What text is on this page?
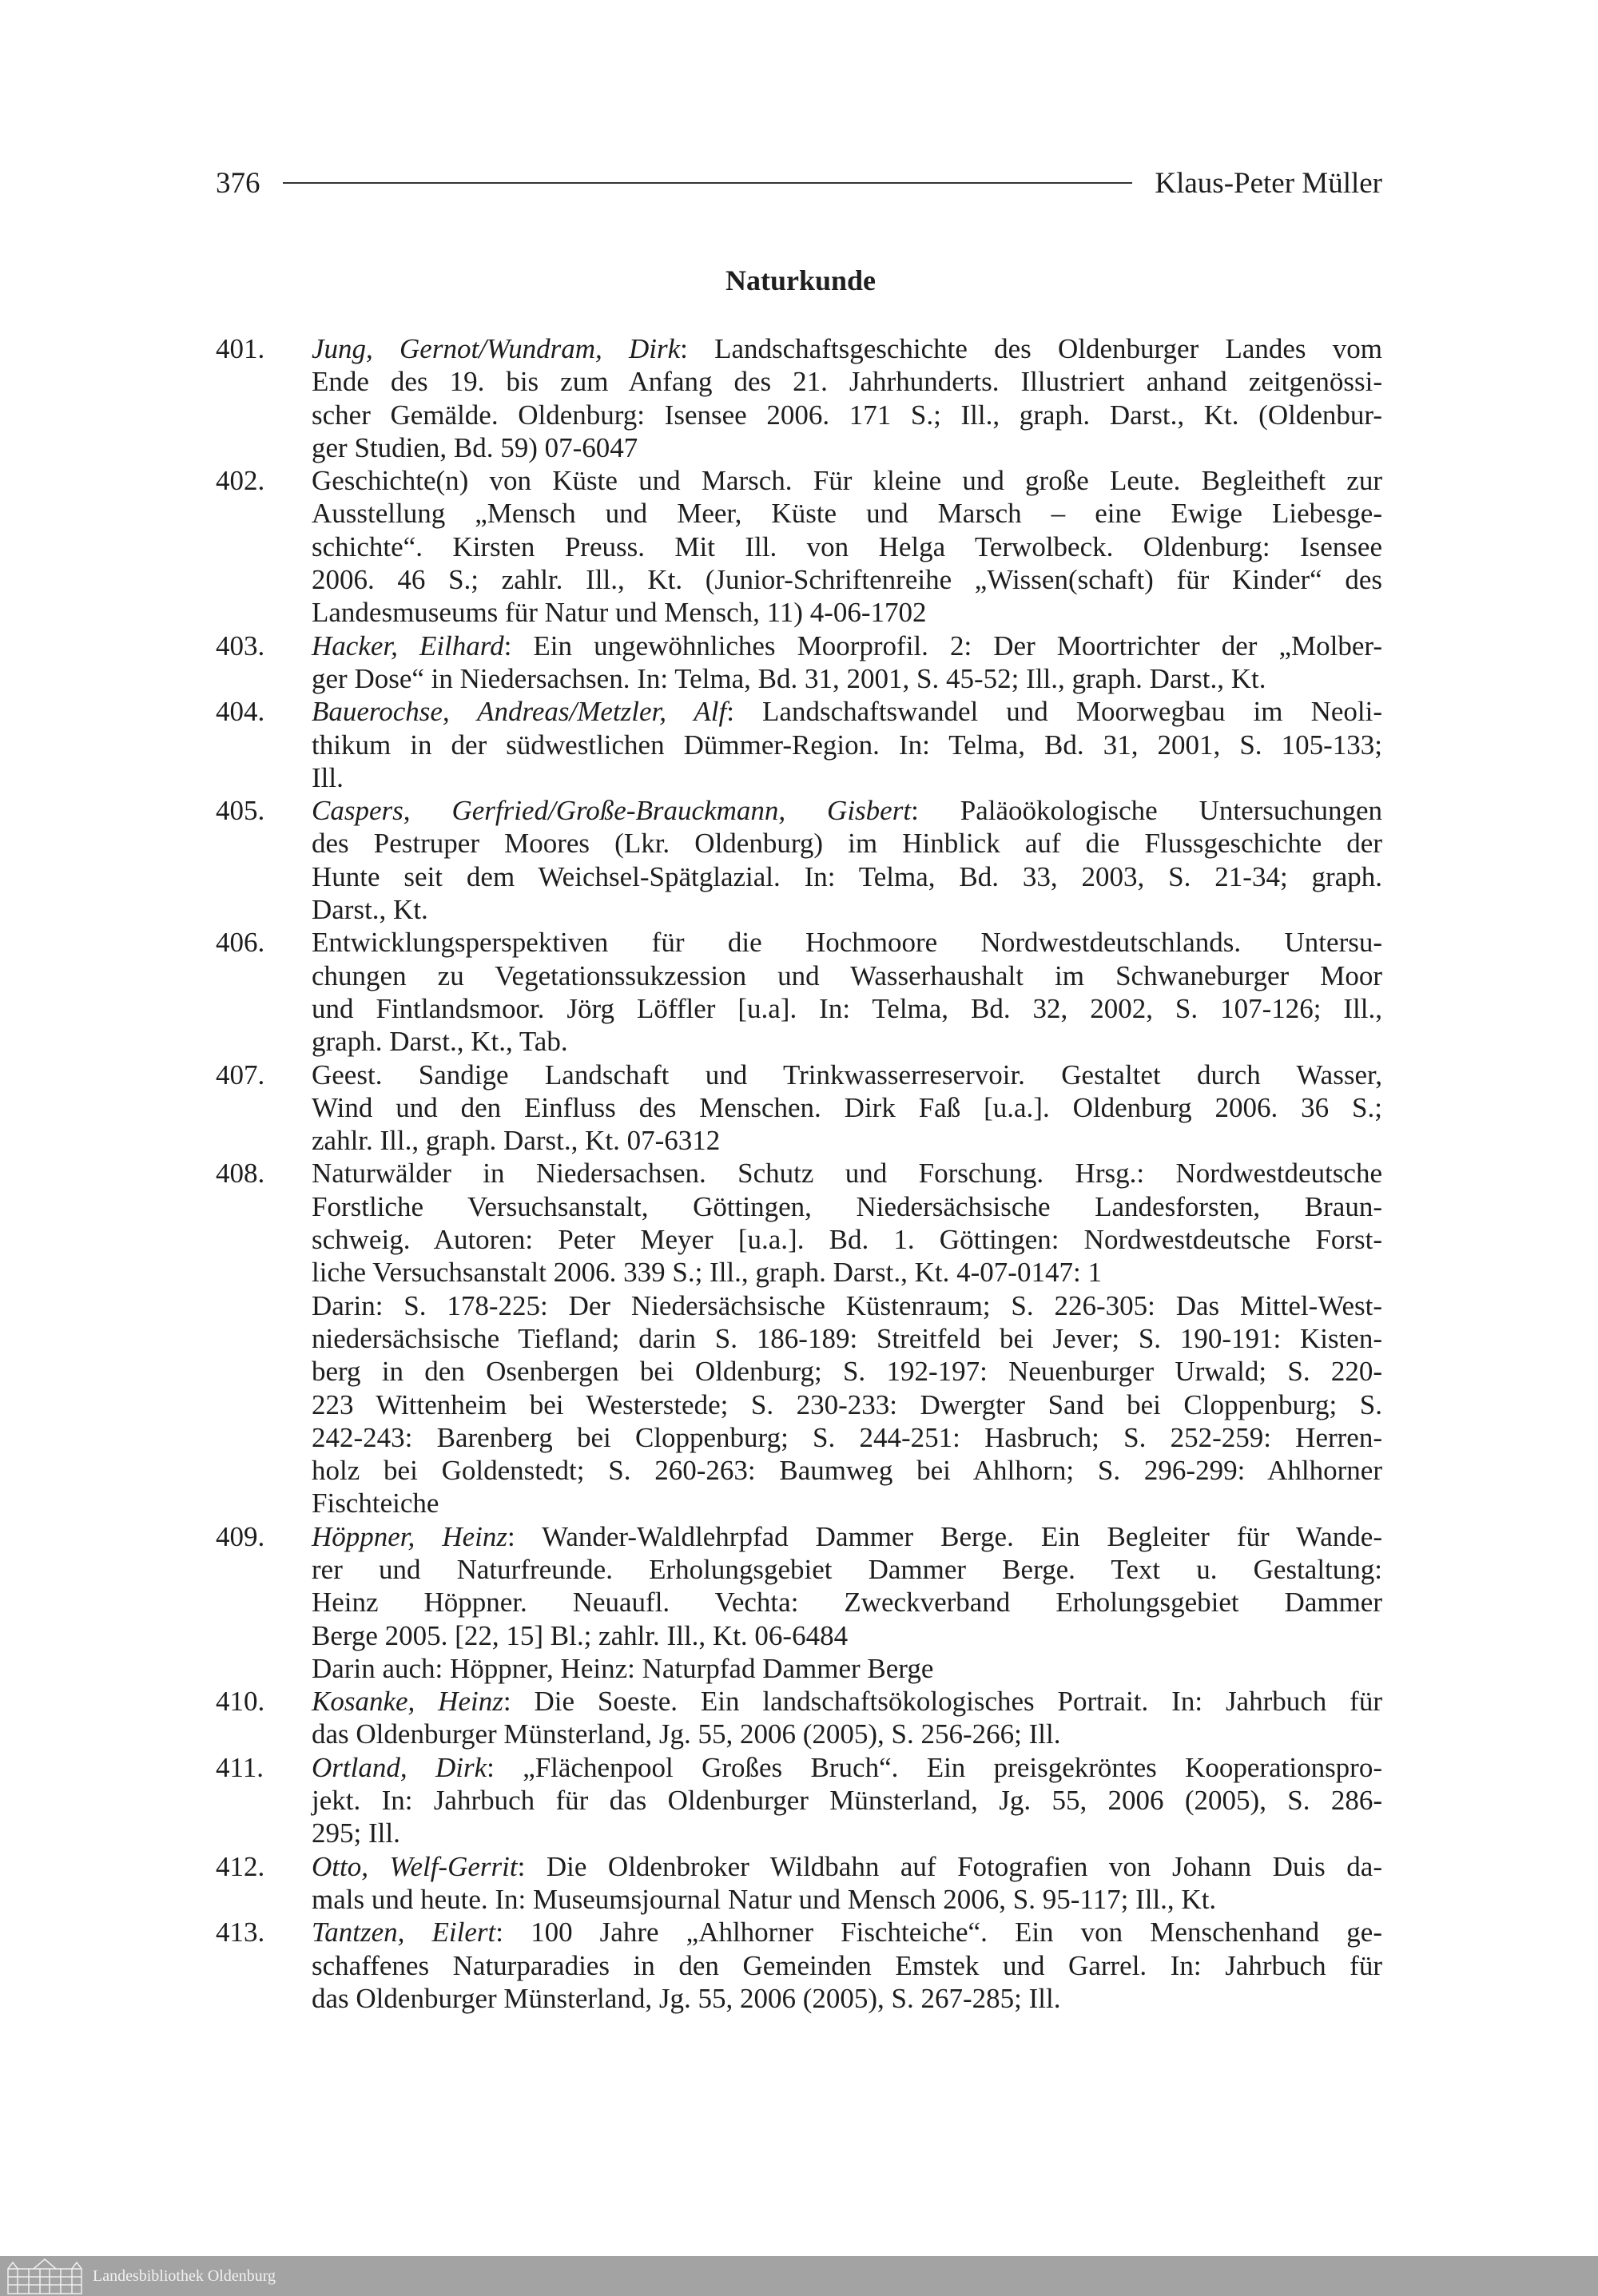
376	Klaus-Peter Müller
Naturkunde
401. Jung, Gernot/Wundram, Dirk: Landschaftsgeschichte des Oldenburger Landes vom
Ende des 19. bis zum Anfang des 21. Jahrhunderts. Illustriert anhand zeitgenössi-
scher Gemälde. Oldenburg: Isensee 2006. 171 S.; Ill., graph. Darst., Kt. (Oldenbur-
ger Studien, Bd. 59) 07-6047
402. Geschichte(n) von Küste und Marsch. Für kleine und große Leute. Begleitheft zur
Ausstellung „Mensch und Meer, Küste und Marsch – eine Ewige Liebesge-
schichte“. Kirsten Preuss. Mit Ill. von Helga Terwolbeck. Oldenburg: Isensee
2006. 46 S.; zahlr. Ill., Kt. (Junior-Schriftenreihe „Wissen(schaft) für Kinder“ des
Landesmuseums für Natur und Mensch, 11) 4-06-1702
403. Hacker, Eilhard: Ein ungewöhnliches Moorprofil. 2: Der Moortrichter der „Molber-
ger Dose“ in Niedersachsen. In: Telma, Bd. 31, 2001, S. 45-52; Ill., graph. Darst., Kt.
404. Bauerochse, Andreas/Metzler, Alf: Landschaftswandel und Moorwegbau im Neoli-
thikum in der südwestlichen Dümmer-Region. In: Telma, Bd. 31, 2001, S. 105-133;
Ill.
405. Caspers, Gerfried/Große-Brauckmann, Gisbert: Paläoökologische Untersuchungen
des Pestruper Moores (Lkr. Oldenburg) im Hinblick auf die Flussgeschichte der
Hunte seit dem Weichsel-Spätglazial. In: Telma, Bd. 33, 2003, S. 21-34; graph.
Darst., Kt.
406. Entwicklungsperspektiven für die Hochmoore Nordwestdeutschlands. Untersu-
chungen zu Vegetationssukzession und Wasserhaushalt im Schwaneburger Moor
und Fintlandsmoor. Jörg Löffler [u.a]. In: Telma, Bd. 32, 2002, S. 107-126; Ill.,
graph. Darst., Kt., Tab.
407. Geest. Sandige Landschaft und Trinkwasserreservoir. Gestaltet durch Wasser,
Wind und den Einfluss des Menschen. Dirk Faß [u.a.]. Oldenburg 2006. 36 S.;
zahlr. Ill., graph. Darst., Kt. 07-6312
408. Naturwälder in Niedersachsen. Schutz und Forschung. Hrsg.: Nordwestdeutsche
Forstliche Versuchsanstalt, Göttingen, Niedersächsische Landesforsten, Braun-
schweig. Autoren: Peter Meyer [u.a.]. Bd. 1. Göttingen: Nordwestdeutsche Forst-
liche Versuchsanstalt 2006. 339 S.; Ill., graph. Darst., Kt. 4-07-0147: 1
Darin: S. 178-225: Der Niedersächsische Küstenraum; S. 226-305: Das Mittel-West-
niedersächsische Tiefland; darin S. 186-189: Streitfeld bei Jever; S. 190-191: Kisten-
berg in den Osenbergen bei Oldenburg; S. 192-197: Neuenburger Urwald; S. 220-
223 Wittenheim bei Westerstede; S. 230-233: Dwergter Sand bei Cloppenburg; S.
242-243: Barenberg bei Cloppenburg; S. 244-251: Hasbruch; S. 252-259: Herren-
holz bei Goldenstedt; S. 260-263: Baumweg bei Ahlhorn; S. 296-299: Ahlhorner
Fischteiche
409. Höppner, Heinz: Wander-Waldlehrpfad Dammer Berge. Ein Begleiter für Wande-
rer und Naturfreunde. Erholungsgebiet Dammer Berge. Text u. Gestaltung:
Heinz Höppner. Neuaufl. Vechta: Zweckverband Erholungsgebiet Dammer
Berge 2005. [22, 15] Bl.; zahlr. Ill., Kt. 06-6484
Darin auch: Höppner, Heinz: Naturpfad Dammer Berge
410. Kosanke, Heinz: Die Soeste. Ein landschaftsökologisches Portrait. In: Jahrbuch für
das Oldenburger Münsterland, Jg. 55, 2006 (2005), S. 256-266; Ill.
411. Ortland, Dirk: „Flächenpool Großes Bruch“. Ein preisgekröntes Kooperationspro-
jekt. In: Jahrbuch für das Oldenburger Münsterland, Jg. 55, 2006 (2005), S. 286-
295; Ill.
412. Otto, Welf-Gerrit: Die Oldenbroker Wildbahn auf Fotografien von Johann Duis da-
mals und heute. In: Museumsjournal Natur und Mensch 2006, S. 95-117; Ill., Kt.
413. Tantzen, Eilert: 100 Jahre „Ahlhorner Fischteiche“. Ein von Menschenhand ge-
schaffenes Naturparadies in den Gemeinden Emstek und Garrel. In: Jahrbuch für
das Oldenburger Münsterland, Jg. 55, 2006 (2005), S. 267-285; Ill.
Landesbibliothek Oldenburg
